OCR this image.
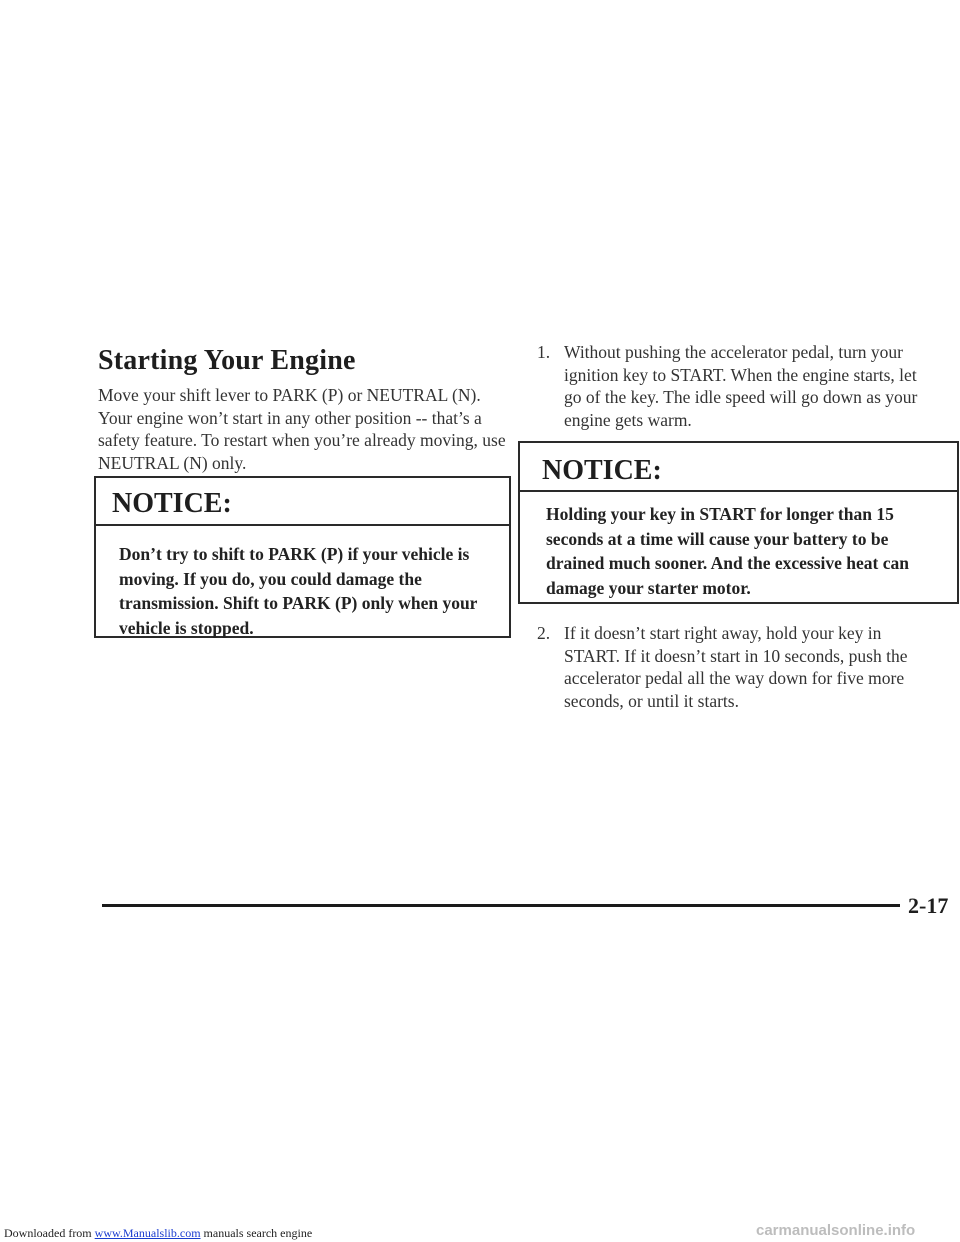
Starting Your Engine

Move your shift lever to PARK (P) or NEUTRAL (N). Your engine won’t start in any other position -- that’s a safety feature. To restart when you’re already moving, use NEUTRAL (N) only.

NOTICE:

Don’t try to shift to PARK (P) if your vehicle is moving. If you do, you could damage the transmission. Shift to PARK (P) only when your vehicle is stopped.

1. Without pushing the accelerator pedal, turn your ignition key to START. When the engine starts, let go of the key. The idle speed will go down as your engine gets warm.
NOTICE:

Holding your key in START for longer than 15 seconds at a time will cause your battery to be drained much sooner. And the excessive heat can damage your starter motor.

2. If it doesn’t start right away, hold your key in START. If it doesn’t start in 10 seconds, push the accelerator pedal all the way down for five more seconds, or until it starts.
2-17
Downloaded from www.Manualslib.com manuals search engine	carmanualsonline.info
